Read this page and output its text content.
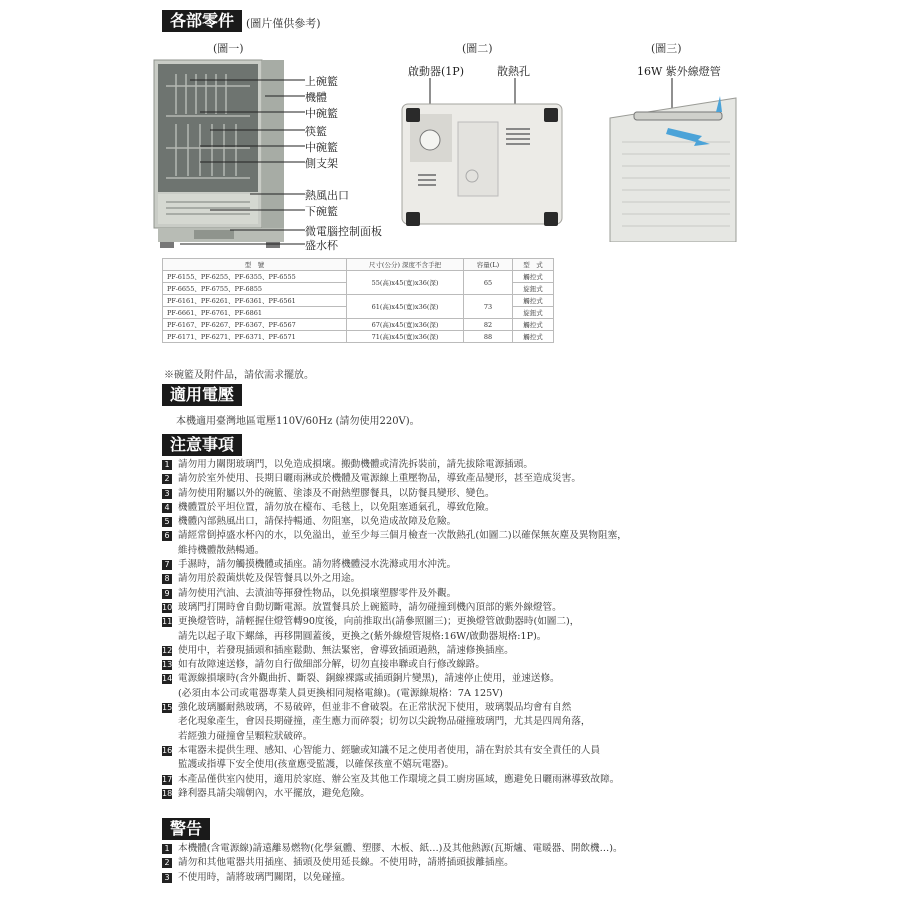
各部零件	(圖片僅供參考)
(圖一)	(圖二)	(圖三)
上碗籃
機體
中碗籃
筷籃
中碗籃
側支架
熱風出口
下碗籃
微電腦控制面板
盛水杯
啟動器(1P)	散熱孔	16W 紫外線燈管
型　號	尺寸(公分) 深度不含手把	容量(L)	型　式
PF-6155、PF-6255、PF-6355、PF-6555	55(高)x45(寬)x36(深)	65	觸控式
PF-6655、PF-6755、PF-6855			旋鈕式
PF-6161、PF-6261、PF-6361、PF-6561	61(高)x45(寬)x36(深)	73	觸控式
PF-6661、PF-6761、PF-6861			旋鈕式
PF-6167、PF-6267、PF-6367、PF-6567	67(高)x45(寬)x36(深)	82	觸控式
PF-6171、PF-6271、PF-6371、PF-6571	71(高)x45(寬)x36(深)	88	觸控式
※碗籃及附件品，請依需求擺放。
適用電壓
本機適用臺灣地區電壓110V/60Hz (請勿使用220V)。
注意事項
1 請勿用力關閉玻璃門，以免造成損壞。搬動機體或清洗拆裝前，請先拔除電源插頭。
2 請勿於室外使用、長期日曬雨淋或於機體及電源線上重壓物品，導致產品變形，甚至造成災害。
3 請勿使用附屬以外的碗籃、塗漆及不耐熱塑膠餐具，以防餐具變形、變色。
4 機體置於平坦位置，請勿放在檯布、毛毯上，以免阻塞通氣孔，導致危險。
5 機體內部熱風出口，請保持暢通、勿阻塞，以免造成故障及危險。
6 請經常倒掉盛水杯內的水，以免溢出，並至少每三個月檢查一次散熱孔(如圖二)以確保無灰塵及異物阻塞，
維持機體散熱暢通。
7 手濕時，請勿觸摸機體或插座。請勿將機體浸水洗滌或用水沖洗。
8 請勿用於殺菌烘乾及保管餐具以外之用途。
9 請勿使用汽油、去漬油等揮發性物品，以免損壞塑膠零件及外觀。
10 玻璃門打開時會自動切斷電源。放置餐具於上碗籃時，請勿碰撞到機內頂部的紫外線燈管。
11 更換燈管時，請輕握住燈管轉90度後，向前推取出(請參照圖三)；更換燈管啟動器時(如圖二)，
請先以起子取下螺絲，再移開圓蓋後，更換之(紫外線燈管規格:16W/啟動器規格:1P)。
12 使用中，若發現插頭和插座鬆動、無法緊密，會導致插頭過熱，請速修換插座。
13 如有故障速送修，請勿自行做細部分解，切勿直接串聯或自行修改線路。
14 電源線損壞時(含外觀曲折、斷裂、銅線裸露或插頭銅片變黑)，請速停止使用，並速送修。
(必須由本公司或電器專業人員更換相同規格電線)。(電源線規格：7A 125V)
15 強化玻璃屬耐熱玻璃，不易破碎，但並非不會破裂。在正常狀況下使用，玻璃製品均會有自然
老化現象產生，會因長期碰撞，產生應力而碎裂；切勿以尖銳物品碰撞玻璃門，尤其是四周角落，
若經強力碰撞會呈顆粒狀破碎。
16 本電器未提供生理、感知、心智能力、經驗或知識不足之使用者使用，請在對於其有安全責任的人員
監護或指導下安全使用(孩童應受監護，以確保孩童不嬉玩電器)。
17 本產品僅供室內使用，適用於家庭、辦公室及其他工作環境之員工廚房區域，應避免日曬雨淋導致故障。
18 鋒利器具請尖端朝內，水平擺放，避免危險。
警告
1 本機體(含電源線)請遠離易燃物(化學氣體、塑膠、木板、紙…)及其他熱源(瓦斯爐、電暖器、開飲機…)。
2 請勿和其他電器共用插座、插頭及使用延長線。不使用時，請將插頭拔離插座。
3 不使用時，請將玻璃門關閉，以免碰撞。
